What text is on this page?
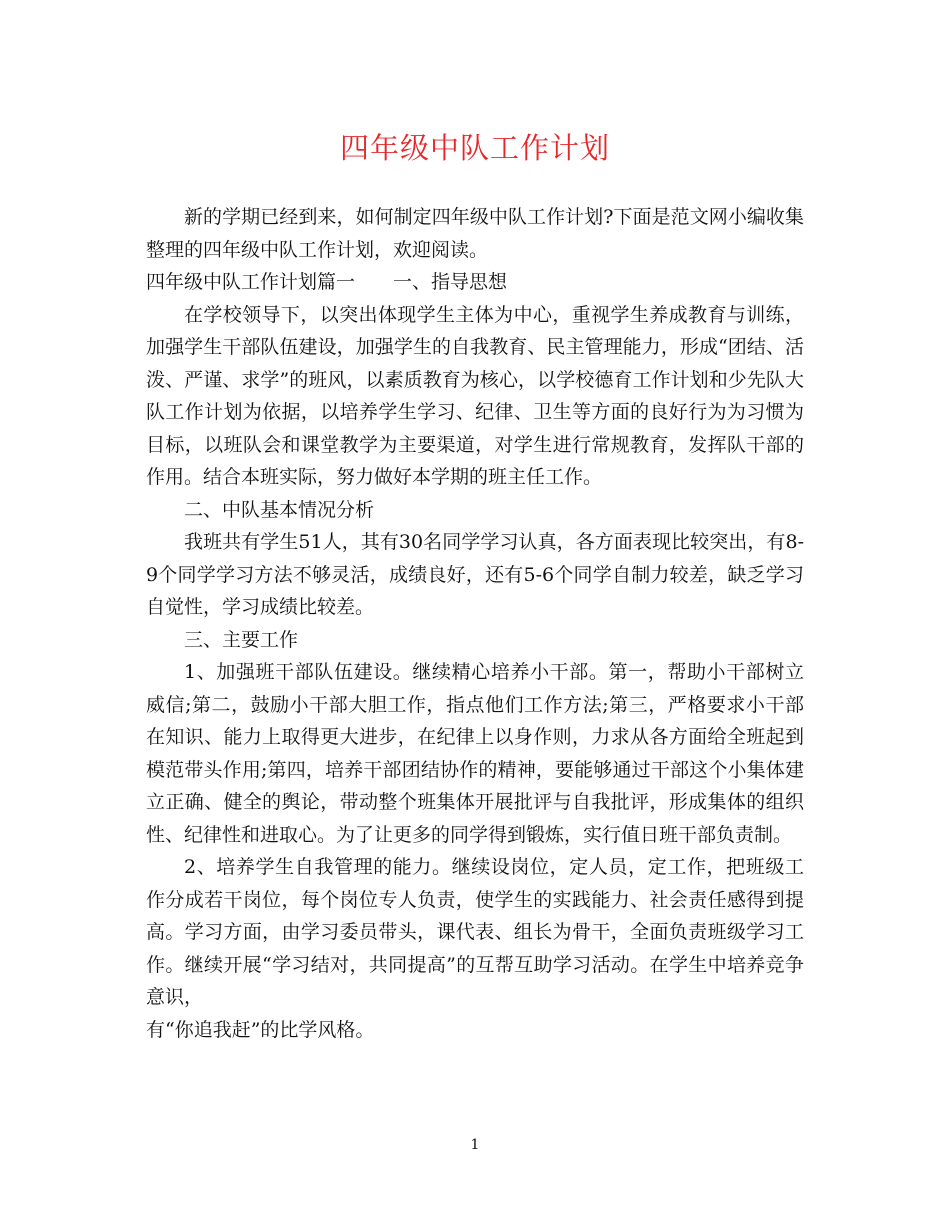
四年级中队工作计划

新的学期已经到来，如何制定四年级中队工作计划?下面是范文网小编收集整理的四年级中队工作计划，欢迎阅读。

四年级中队工作计划篇一 一、指导思想

在学校领导下，以突出体现学生主体为中心，重视学生养成教育与训练，加强学生干部队伍建设，加强学生的自我教育、民主管理能力，形成“团结、活泼、严谨、求学”的班风，以素质教育为核心，以学校德育工作计划和少先队大队工作计划为依据，以培养学生学习、纪律、卫生等方面的良好行为为习惯为目标，以班队会和课堂教学为主要渠道，对学生进行常规教育，发挥队干部的作用。结合本班实际，努力做好本学期的班主任工作。

二、中队基本情况分析

我班共有学生51人，其有30名同学学习认真，各方面表现比较突出，有8-9个同学学习方法不够灵活，成绩良好，还有5-6个同学自制力较差，缺乏学习自觉性，学习成绩比较差。

三、主要工作

1、加强班干部队伍建设。继续精心培养小干部。第一，帮助小干部树立威信;第二，鼓励小干部大胆工作，指点他们工作方法;第三，严格要求小干部在知识、能力上取得更大进步，在纪律上以身作则，力求从各方面给全班起到模范带头作用;第四，培养干部团结协作的精神，要能够通过干部这个小集体建立正确、健全的舆论，带动整个班集体开展批评与自我批评，形成集体的组织性、纪律性和进取心。为了让更多的同学得到锻炼，实行值日班干部负责制。

2、培养学生自我管理的能力。继续设岗位，定人员，定工作，把班级工作分成若干岗位，每个岗位专人负责，使学生的实践能力、社会责任感得到提高。学习方面，由学习委员带头，课代表、组长为骨干，全面负责班级学习工作。继续开展“学习结对，共同提高”的互帮互助学习活动。在学生中培养竞争意识，

有“你追我赶”的比学风格。

1
